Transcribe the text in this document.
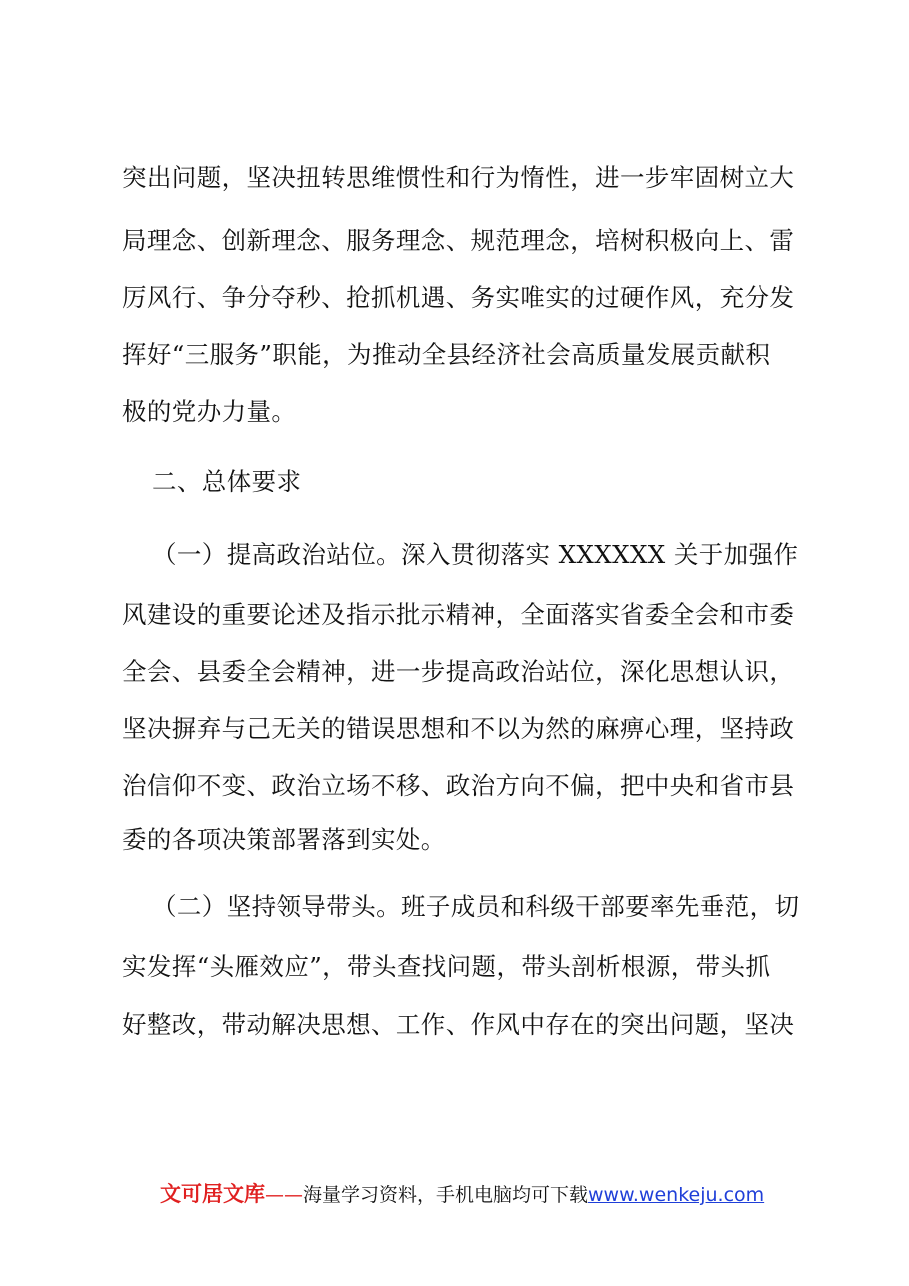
突出问题，坚决扭转思维惯性和行为惰性，进一步牢固树立大
局理念、创新理念、服务理念、规范理念，培树积极向上、雷
厉风行、争分夺秒、抢抓机遇、务实唯实的过硬作风，充分发
挥好“三服务”职能，为推动全县经济社会高质量发展贡献积
极的党办力量。
二、总体要求
（一）提高政治站位。深入贯彻落实 XXXXXX 关于加强作
风建设的重要论述及指示批示精神，全面落实省委全会和市委
全会、县委全会精神，进一步提高政治站位，深化思想认识，
坚决摒弃与己无关的错误思想和不以为然的麻痹心理，坚持政
治信仰不变、政治立场不移、政治方向不偏，把中央和省市县
委的各项决策部署落到实处。
（二）坚持领导带头。班子成员和科级干部要率先垂范，切
实发挥“头雁效应”，带头查找问题，带头剖析根源，带头抓
好整改，带动解决思想、工作、作风中存在的突出问题，坚决
文可居文库——海量学习资料，手机电脑均可下载www.wenkeju.com
